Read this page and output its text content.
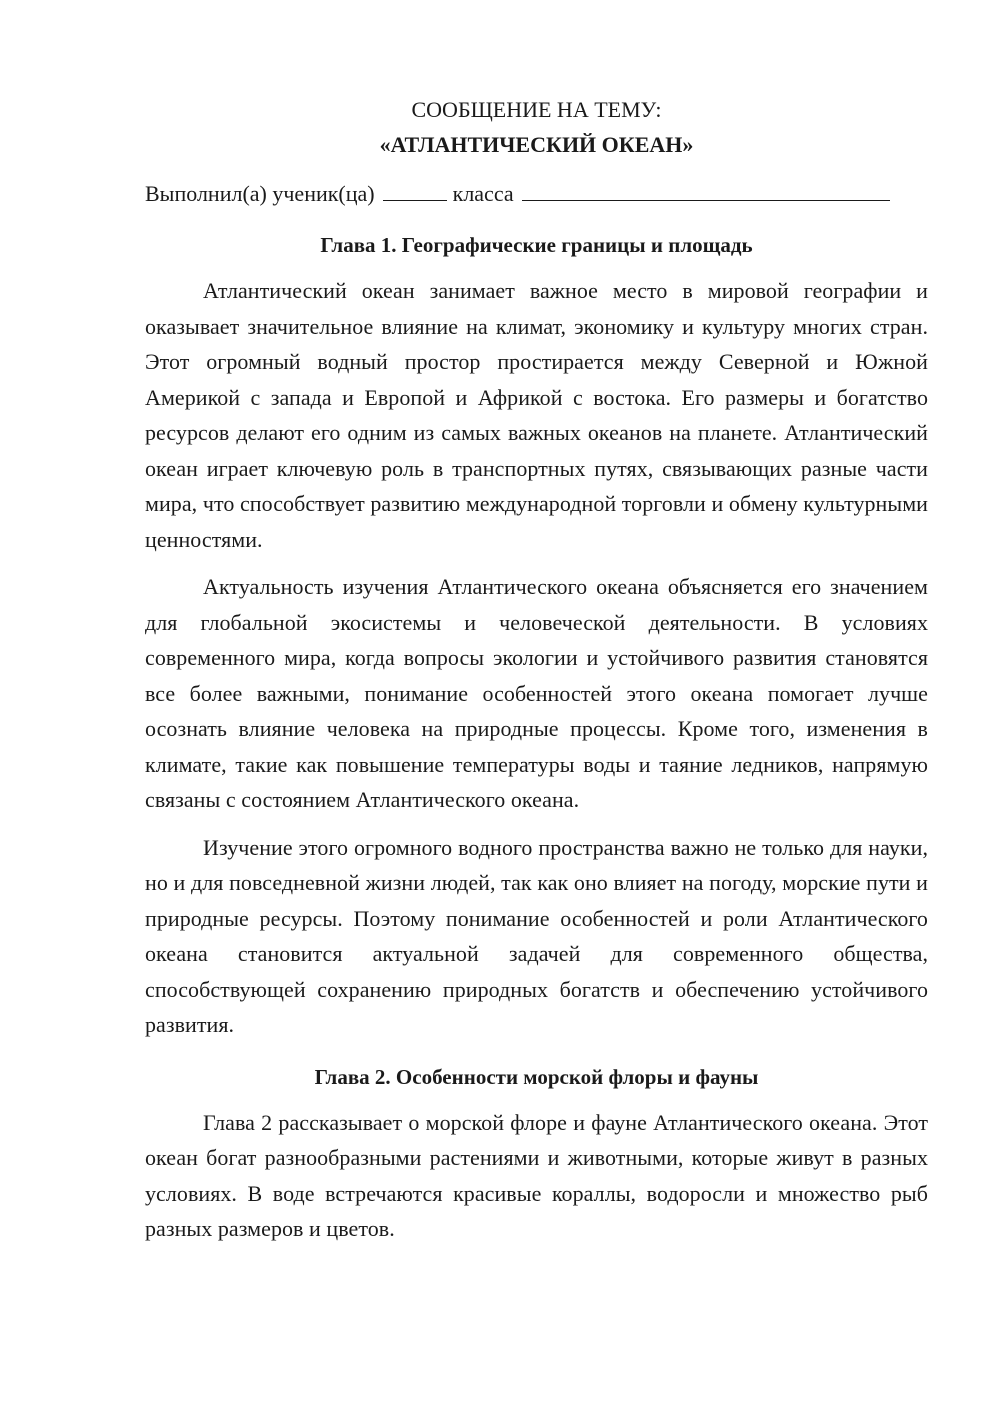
СООБЩЕНИЕ НА ТЕМУ:

«АТЛАНТИЧЕСКИЙ ОКЕАН»

Выполнил(а) ученик(ца)	класса
Глава 1. Географические границы и площадь

Атлантический океан занимает важное место в мировой географии и оказывает значительное влияние на климат, экономику и культуру многих стран. Этот огромный водный простор простирается между Северной и Южной Америкой с запада и Европой и Африкой с востока. Его размеры и богатство ресурсов делают его одним из самых важных океанов на планете. Атлантический океан играет ключевую роль в транспортных путях, связывающих разные части мира, что способствует развитию международной торговли и обмену культурными ценностями.

Актуальность изучения Атлантического океана объясняется его значением для глобальной экосистемы и человеческой деятельности. В условиях современного мира, когда вопросы экологии и устойчивого развития становятся все более важными, понимание особенностей этого океана помогает лучше осознать влияние человека на природные процессы. Кроме того, изменения в климате, такие как повышение температуры воды и таяние ледников, напрямую связаны с состоянием Атлантического океана.

Изучение этого огромного водного пространства важно не только для науки, но и для повседневной жизни людей, так как оно влияет на погоду, морские пути и природные ресурсы. Поэтому понимание особенностей и роли Атлантического океана становится актуальной задачей для современного общества, способствующей сохранению природных богатств и обеспечению устойчивого развития.

Глава 2. Особенности морской флоры и фауны

Глава 2 рассказывает о морской флоре и фауне Атлантического океана. Этот океан богат разнообразными растениями и животными, которые живут в разных условиях. В воде встречаются красивые кораллы, водоросли и множество рыб разных размеров и цветов.
